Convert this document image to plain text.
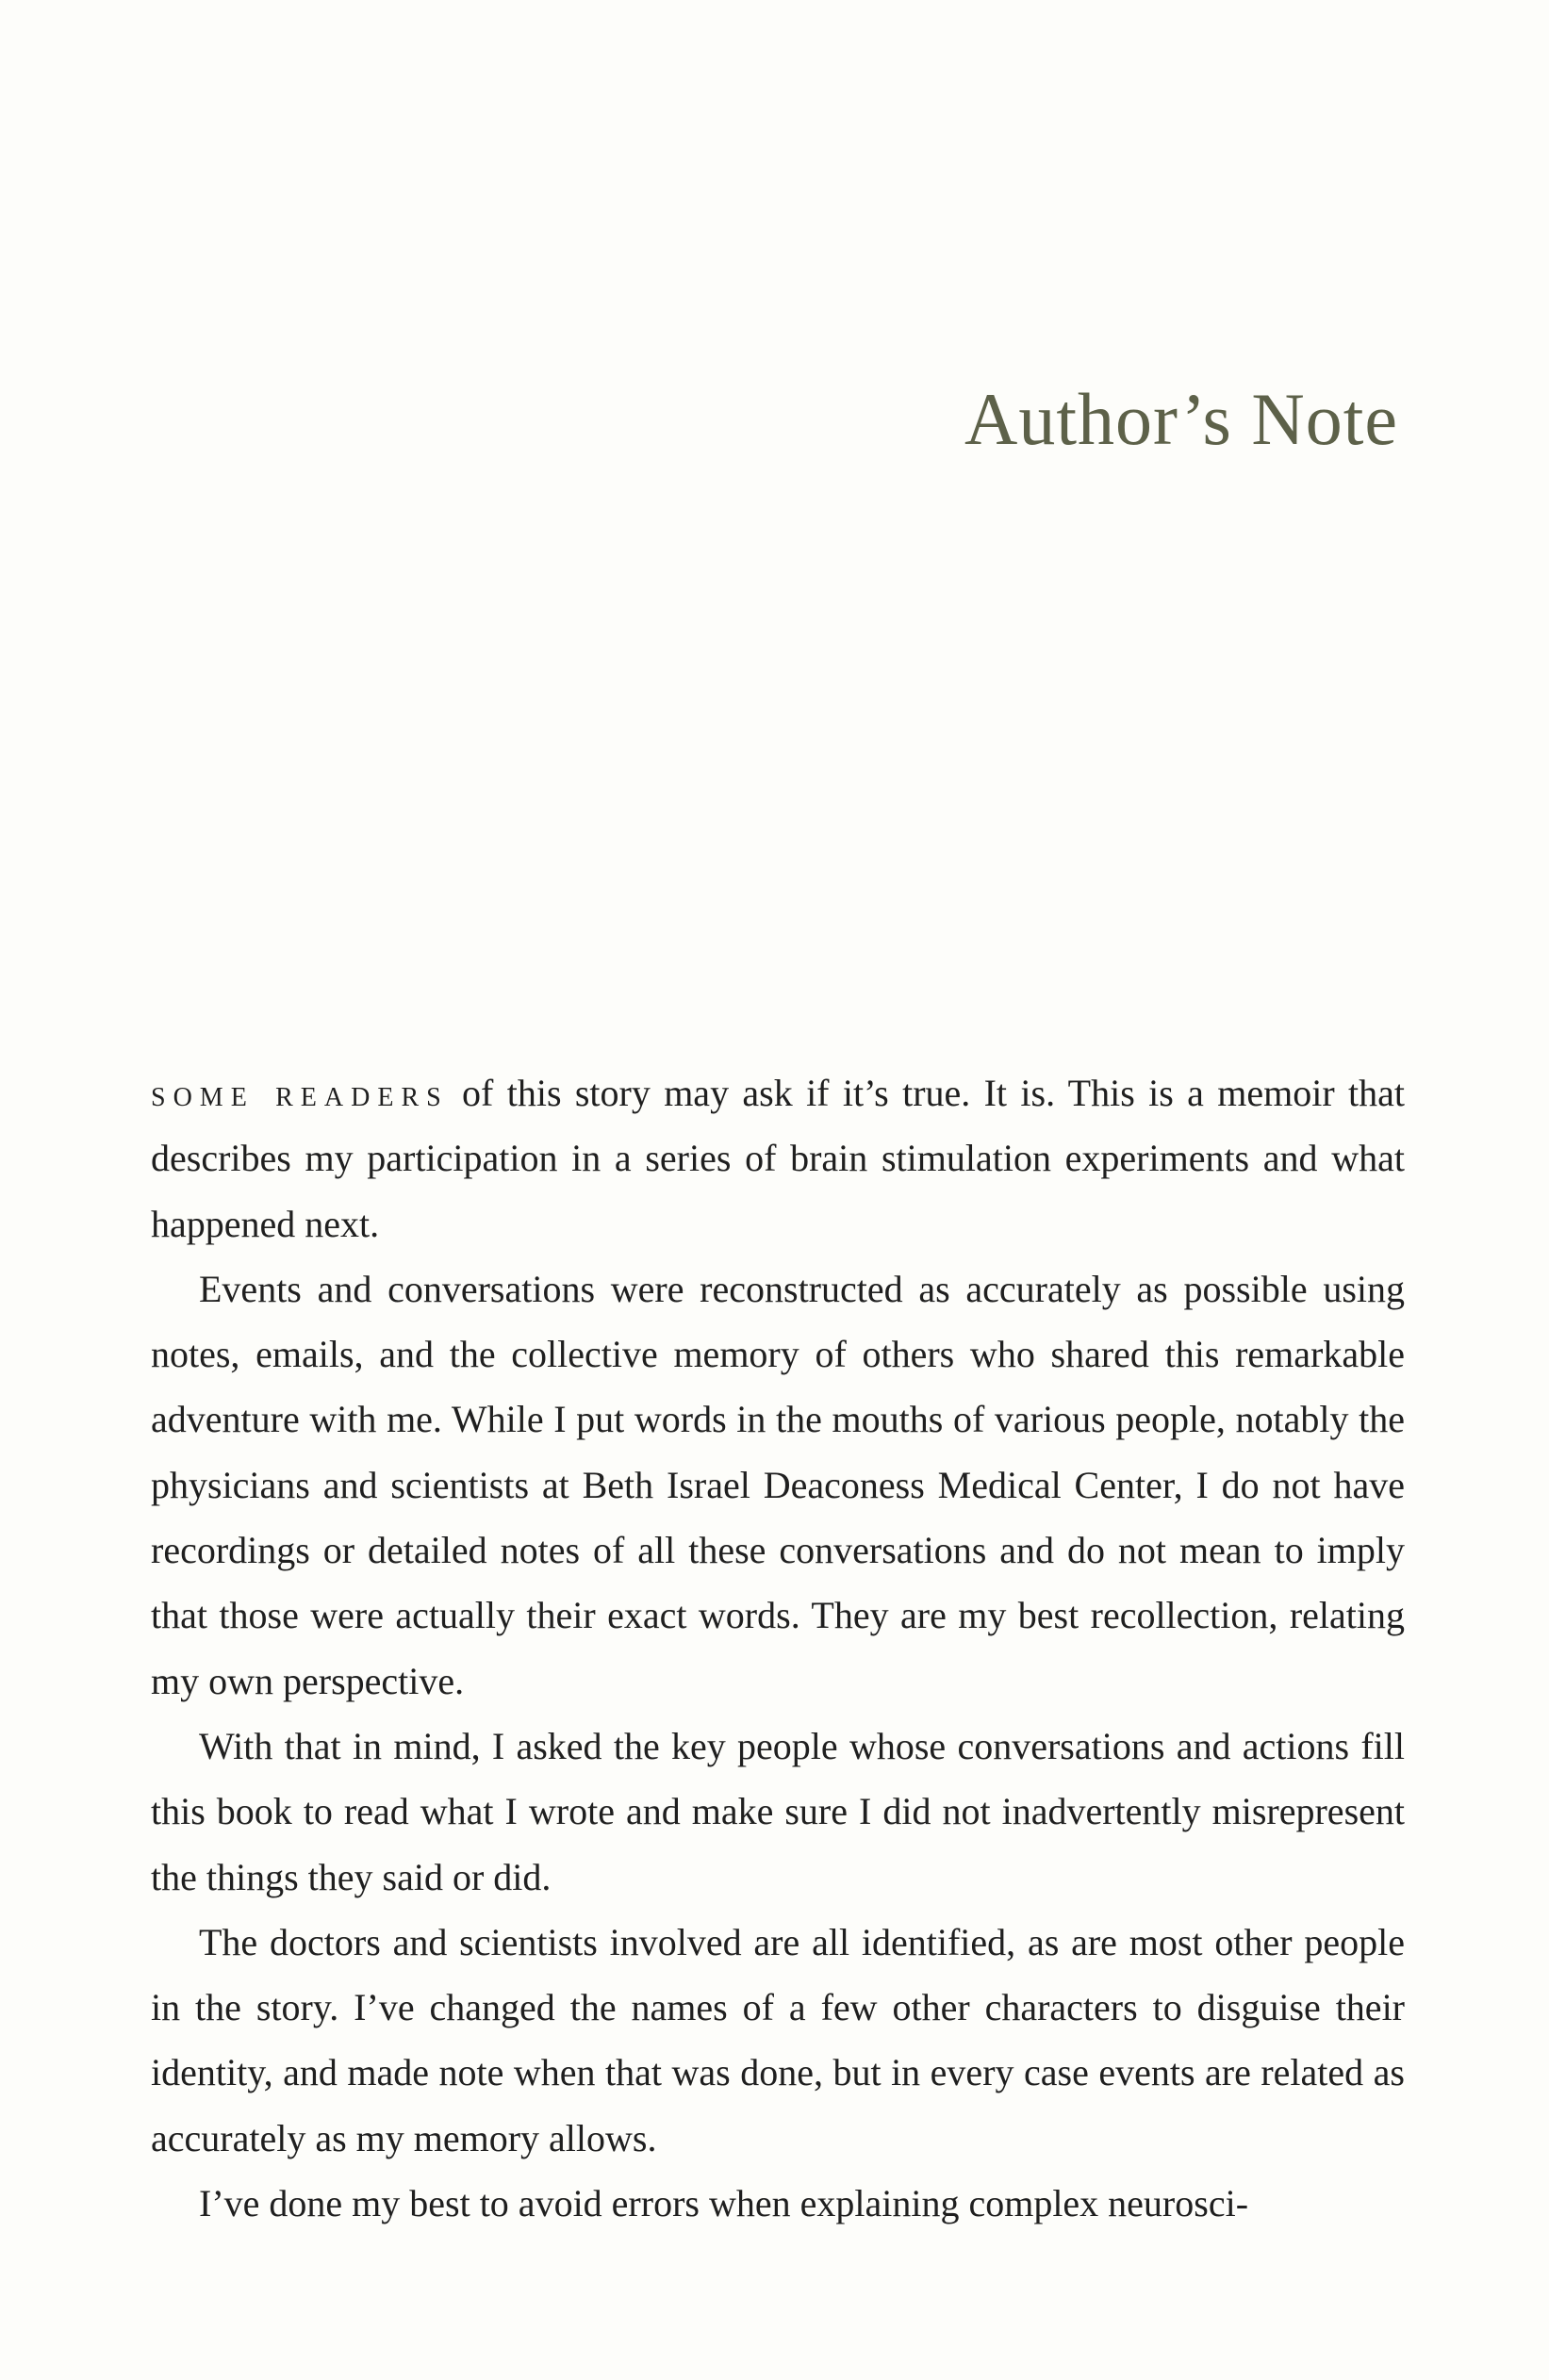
Author’s Note

some readers of this story may ask if it’s true. It is. This is a memoir that describes my participation in a series of brain stimulation experiments and what happened next.

Events and conversations were reconstructed as accurately as possible using notes, emails, and the collective memory of others who shared this remarkable adventure with me. While I put words in the mouths of various people, notably the physicians and scientists at Beth Israel Deaconess Medical Center, I do not have recordings or detailed notes of all these conversations and do not mean to imply that those were actually their exact words. They are my best recollection, relating my own perspective.

With that in mind, I asked the key people whose conversations and actions fill this book to read what I wrote and make sure I did not inadvertently misrepresent the things they said or did.

The doctors and scientists involved are all identified, as are most other people in the story. I’ve changed the names of a few other characters to disguise their identity, and made note when that was done, but in every case events are related as accurately as my memory allows.

I’ve done my best to avoid errors when explaining complex neurosci-
